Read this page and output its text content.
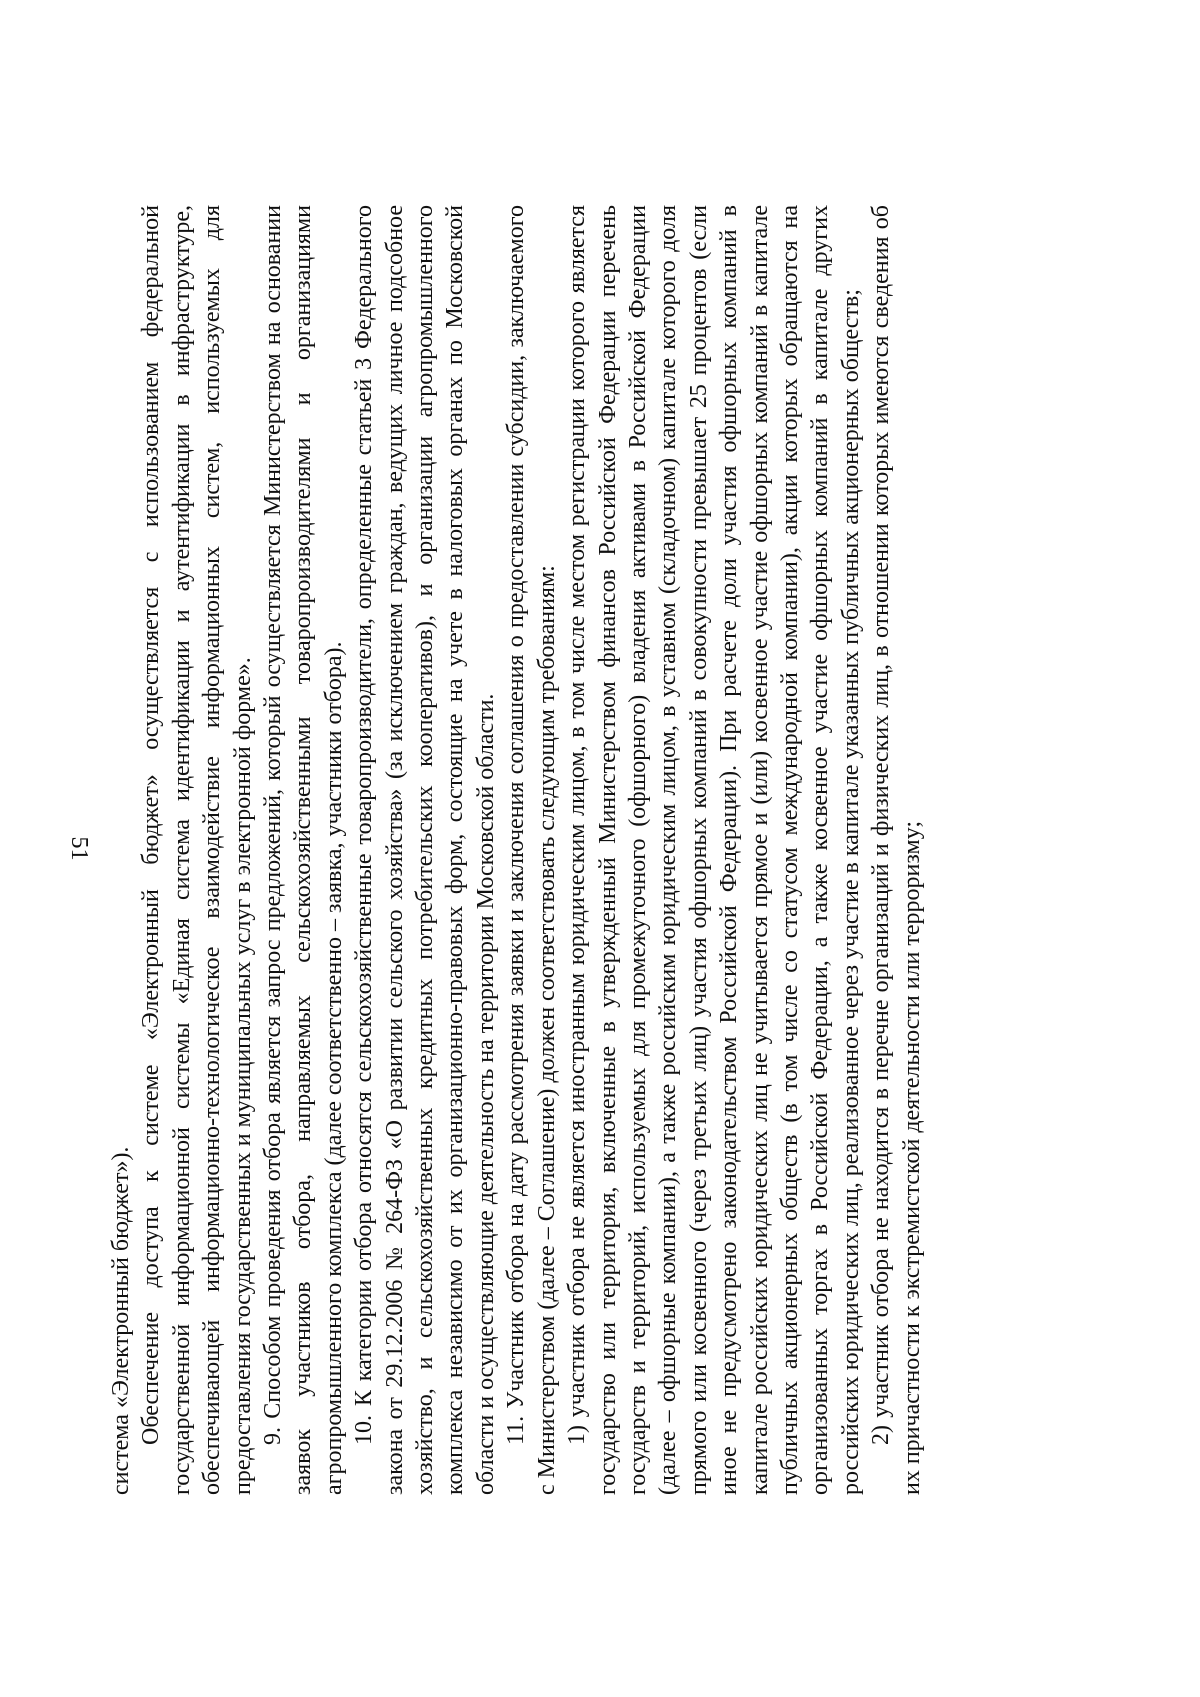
51

система «Электронный бюджет»). Обеспечение доступа к системе «Электронный бюджет» осуществляется с использованием федеральной государственной информационной системы «Единая система идентификации и аутентификации в инфраструктуре, обеспечивающей информационно-технологическое взаимодействие информационных систем, используемых для предоставления государственных и муниципальных услуг в электронной форме». 9. Способом проведения отбора является запрос предложений, который осуществляется Министерством на основании заявок участников отбора, направляемых сельскохозяйственными товаропроизводителями и организациями агропромышленного комплекса (далее соответственно – заявка, участники отбора). 10. К категории отбора относятся сельскохозяйственные товаропроизводители, определенные статьей 3 Федерального закона от 29.12.2006 № 264-ФЗ «О развитии сельского хозяйства» (за исключением граждан, ведущих личное подсобное хозяйство, и сельскохозяйственных кредитных потребительских кооперативов), и организации агропромышленного комплекса независимо от их организационно-правовых форм, состоящие на учете в налоговых органах по Московской области и осуществляющие деятельность на территории Московской области. 11. Участник отбора на дату рассмотрения заявки и заключения соглашения о предоставлении субсидии, заключаемого с Министерством (далее – Соглашение) должен соответствовать следующим требованиям: 1) участник отбора не является иностранным юридическим лицом, в том числе местом регистрации которого является государство или территория, включенные в утвержденный Министерством финансов Российской Федерации перечень государств и территорий, используемых для промежуточного (офшорного) владения активами в Российской Федерации (далее – офшорные компании), а также российским юридическим лицом, в уставном (складочном) капитале которого доля прямого или косвенного (через третьих лиц) участия офшорных компаний в совокупности превышает 25 процентов (если иное не предусмотрено законодательством Российской Федерации). При расчете доли участия офшорных компаний в капитале российских юридических лиц не учитывается прямое и (или) косвенное участие офшорных компаний в капитале публичных акционерных обществ (в том числе со статусом международной компании), акции которых обращаются на организованных торгах в Российской Федерации, а также косвенное участие офшорных компаний в капитале других российских юридических лиц, реализованное через участие в капитале указанных публичных акционерных обществ; 2) участник отбора не находится в перечне организаций и физических лиц, в отношении которых имеются сведения об их причастности к экстремистской деятельности или терроризму;
